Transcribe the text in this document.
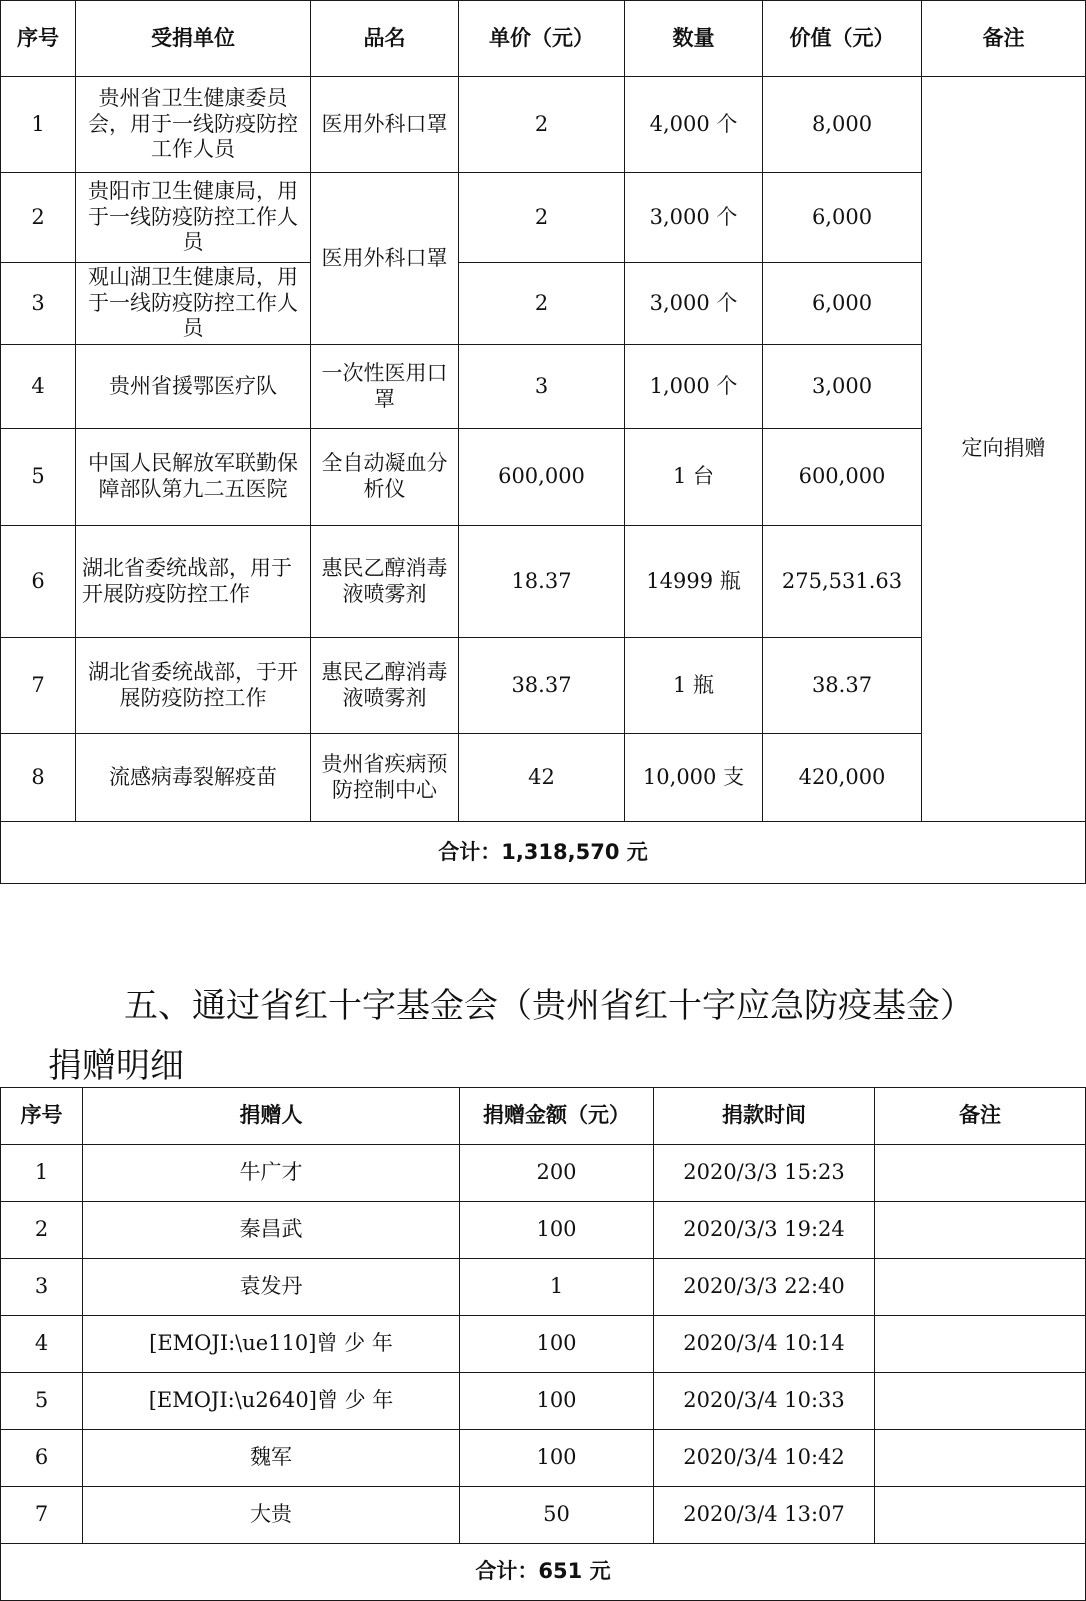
序号	受捐单位	品名	单价（元）	数量	价值（元）	备注
1	贵州省卫生健康委员会，用于一线防疫防控工作人员	医用外科口罩	2	4,000 个	8,000	定向捐赠
2	贵阳市卫生健康局，用于一线防疫防控工作人员	医用外科口罩	2	3,000 个	6,000	
3	观山湖卫生健康局，用于一线防疫防控工作人员		2	3,000 个	6,000	
4	贵州省援鄂医疗队	一次性医用口罩	3	1,000 个	3,000	
5	中国人民解放军联勤保障部队第九二五医院	全自动凝血分析仪	600,000	1 台	600,000	
6	湖北省委统战部，用于开展防疫防控工作	惠民乙醇消毒液喷雾剂	18.37	14999 瓶	275,531.63	
7	湖北省委统战部，于开展防疫防控工作	惠民乙醇消毒液喷雾剂	38.37	1 瓶	38.37	
8	流感病毒裂解疫苗	贵州省疾病预防控制中心	42	10,000 支	420,000	
合计：1,318,570 元						
五、通过省红十字基金会（贵州省红十字应急防疫基金）
捐赠明细
序号	捐赠人	捐赠金额（元）	捐款时间	备注
1	牛广才	200	2020/3/3 15:23	
2	秦昌武	100	2020/3/3 19:24	
3	袁发丹	1	2020/3/3 22:40	
4	[EMOJI:\ue110]曾 少 年	100	2020/3/4 10:14	
5	[EMOJI:\u2640]曾 少 年	100	2020/3/4 10:33	
6	魏军	100	2020/3/4 10:42	
7	大贵	50	2020/3/4 13:07	
合计：651 元				
